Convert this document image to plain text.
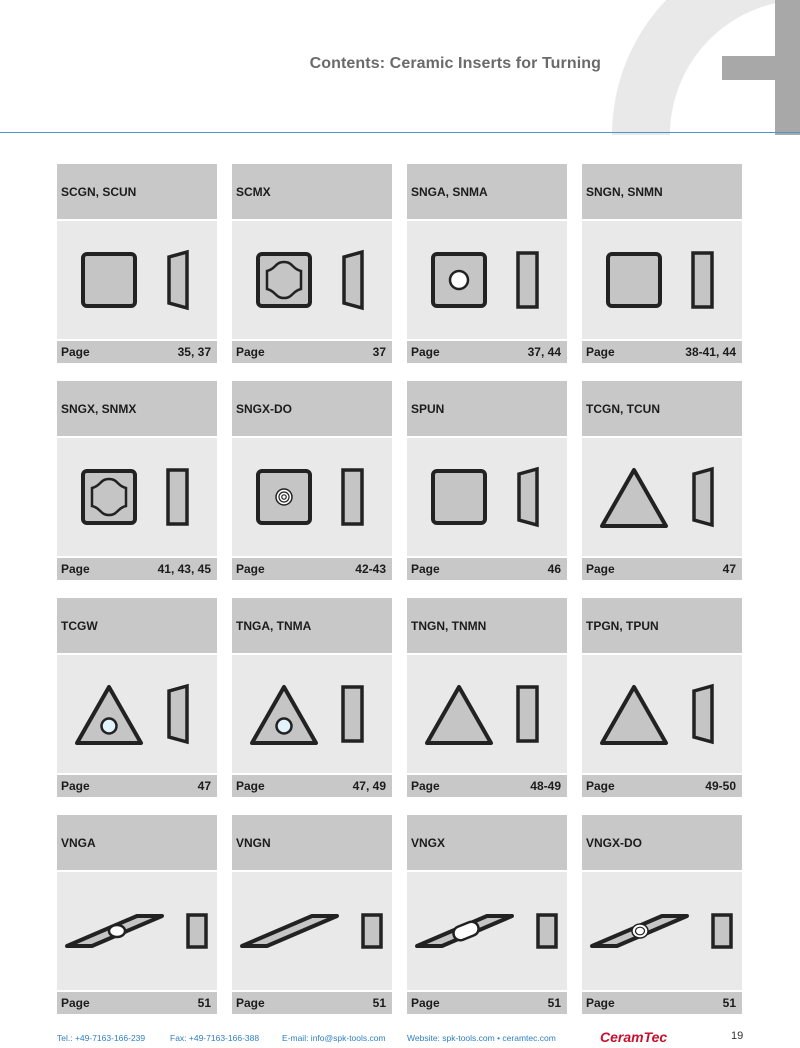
Contents: Ceramic Inserts for Turning
SCGN, SCUN
Page	35, 37
SCMX
Page	37
SNGA, SNMA
Page	37, 44
SNGN, SNMN
Page	38-41, 44
SNGX, SNMX
Page	41, 43, 45
SNGX-DO
Page	42-43
SPUN
Page	46
TCGN, TCUN
Page	47
TCGW
Page	47
TNGA, TNMA
Page	47, 49
TNGN, TNMN
Page	48-49
TPGN, TPUN
Page	49-50
VNGA
Page	51
VNGN
Page	51
VNGX
Page	51
VNGX-DO
Page	51
Tel.: +49-7163-166-239	Fax: +49-7163-166-388	E-mail: info@spk-tools.com	Website: spk-tools.com • ceramtec.com	CeramTec	19
